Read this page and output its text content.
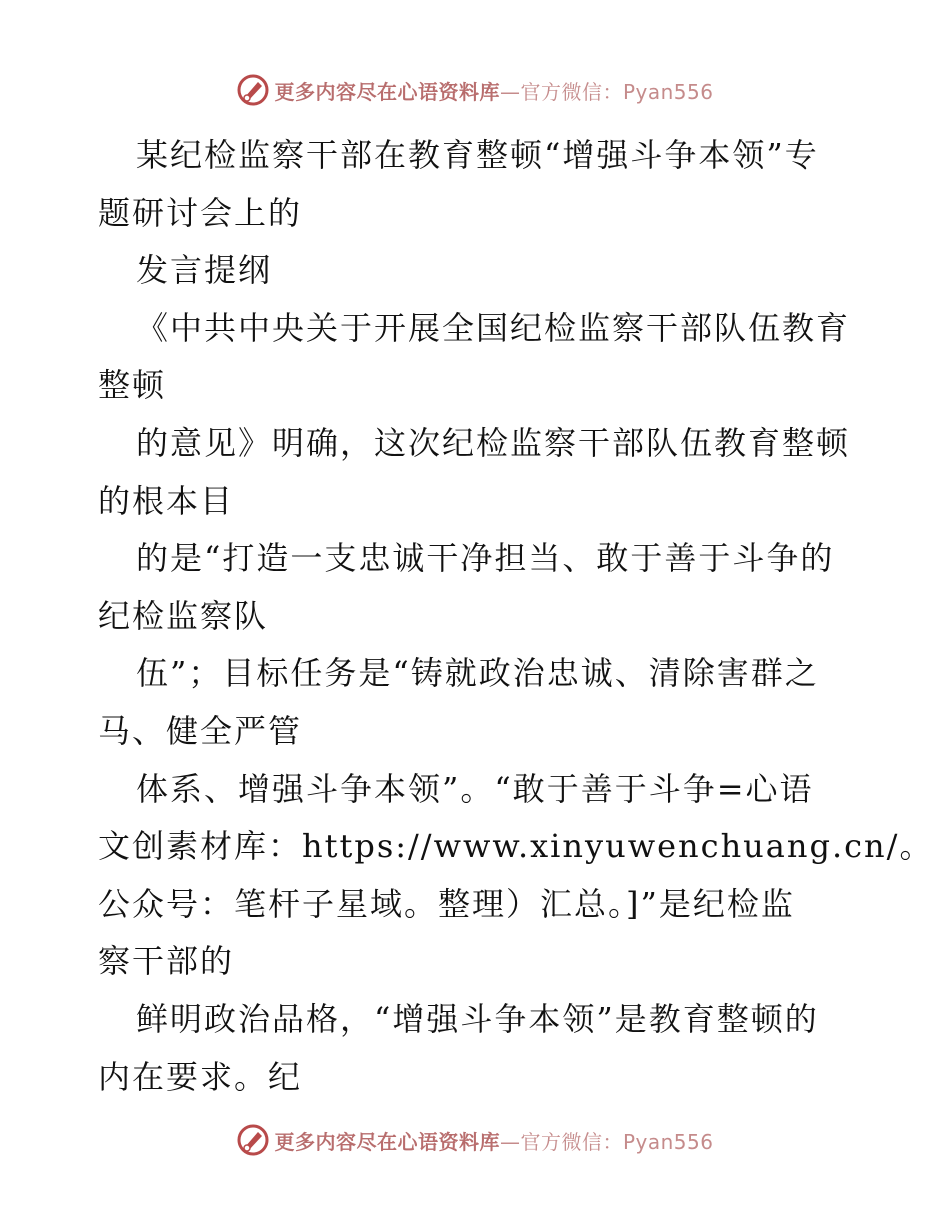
更多内容尽在心语资料库—官方微信：Pyan556
某纪检监察干部在教育整顿“增强斗争本领”专
题研讨会上的
发言提纲
《中共中央关于开展全国纪检监察干部队伍教育
整顿
的意见》明确，这次纪检监察干部队伍教育整顿
的根本目
的是“打造一支忠诚干净担当、敢于善于斗争的
纪检监察队
伍”；目标任务是“铸就政治忠诚、清除害群之
马、健全严管
体系、增强斗争本领”。“敢于善于斗争=心语
文创素材库：https://www.xinyuwenchuang.cn/。
公众号：笔杆子星域。整理）汇总。]”是纪检监
察干部的
鲜明政治品格，“增强斗争本领”是教育整顿的
内在要求。纪
更多内容尽在心语资料库—官方微信：Pyan556
